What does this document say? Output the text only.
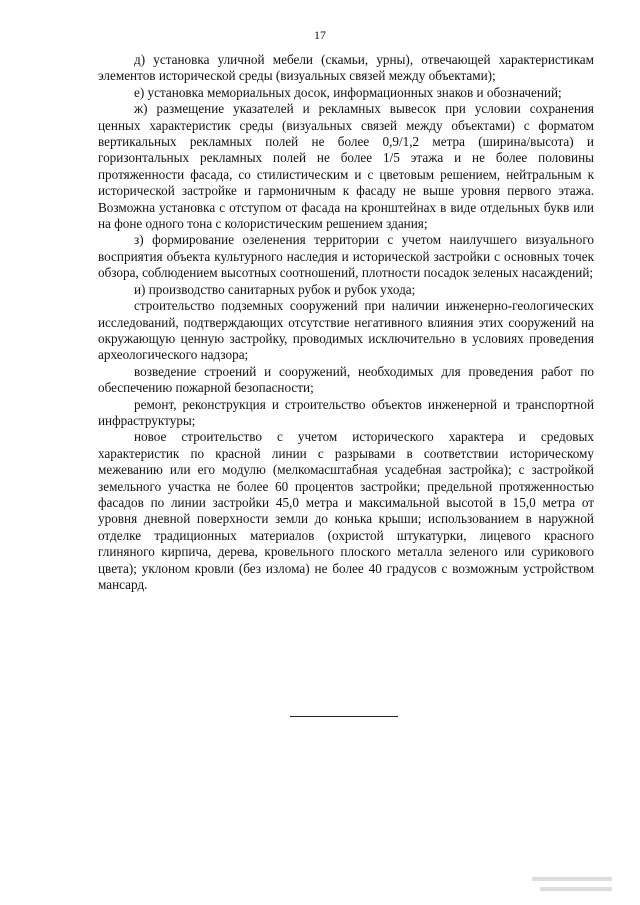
17

д) установка уличной мебели (скамьи, урны), отвечающей характеристикам элементов исторической среды (визуальных связей между объектами);

е) установка мемориальных досок, информационных знаков и обозначений;

ж) размещение указателей и рекламных вывесок при условии сохранения ценных характеристик среды (визуальных связей между объектами) с форматом вертикальных рекламных полей не более 0,9/1,2 метра (ширина/высота) и горизонтальных рекламных полей не более 1/5 этажа и не более половины протяженности фасада, со стилистическим и с цветовым решением, нейтральным к исторической застройке и гармоничным к фасаду не выше уровня первого этажа. Возможна установка с отступом от фасада на кронштейнах в виде отдельных букв или на фоне одного тона с колористическим решением здания;

з) формирование озеленения территории с учетом наилучшего визуального восприятия объекта культурного наследия и исторической застройки с основных точек обзора, соблюдением высотных соотношений, плотности посадок зеленых насаждений;

и) производство санитарных рубок и рубок ухода;

строительство подземных сооружений при наличии инженерно-геологических исследований, подтверждающих отсутствие негативного влияния этих сооружений на окружающую ценную застройку, проводимых исключительно в условиях проведения археологического надзора;

возведение строений и сооружений, необходимых для проведения работ по обеспечению пожарной безопасности;

ремонт, реконструкция и строительство объектов инженерной и транспортной инфраструктуры;

новое строительство с учетом исторического характера и средовых характеристик по красной линии с разрывами в соответствии историческому межеванию или его модулю (мелкомасштабная усадебная застройка); с застройкой земельного участка не более 60 процентов застройки; предельной протяженностью фасадов по линии застройки 45,0 метра и максимальной высотой в 15,0 метра от уровня дневной поверхности земли до конька крыши; использованием в наружной отделке традиционных материалов (охристой штукатурки, лицевого красного глиняного кирпича, дерева, кровельного плоского металла зеленого или сурикового цвета); уклоном кровли (без излома) не более 40 градусов с возможным устройством мансард.
